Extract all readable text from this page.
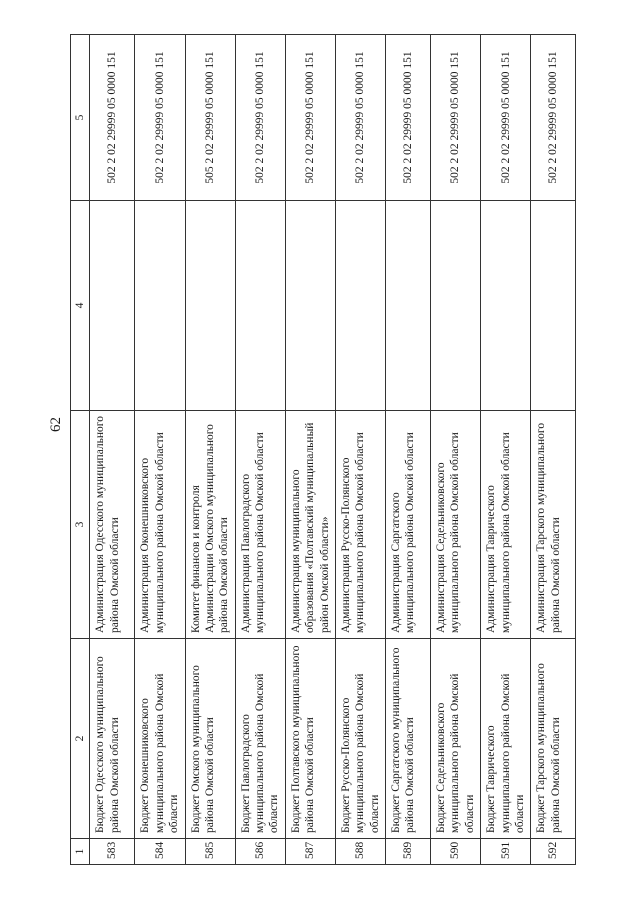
62
1	2	3	4	5
583	Бюджет Одесского муниципального района Омской области	Администрация Одесского муниципального района Омской области		502 2 02 29999 05 0000 151
584	Бюджет Оконешниковского муниципального района Омской области	Администрация Оконешниковского муниципального района Омской области		502 2 02 29999 05 0000 151
585	Бюджет Омского муниципального района Омской области	Комитет финансов и контроля Администрации Омского муниципального района Омской области		505 2 02 29999 05 0000 151
586	Бюджет Павлоградского муниципального района Омской области	Администрация Павлоградского муниципального района Омской области		502 2 02 29999 05 0000 151
587	Бюджет Полтавского муниципального района Омской области	Администрация муниципального образования «Полтавский муниципальный район Омской области»		502 2 02 29999 05 0000 151
588	Бюджет Русско-Полянского муниципального района Омской области	Администрация Русско-Полянского муниципального района Омской области		502 2 02 29999 05 0000 151
589	Бюджет Саргатского муниципального района Омской области	Администрация Саргатского муниципального района Омской области		502 2 02 29999 05 0000 151
590	Бюджет Седельниковского муниципального района Омской области	Администрация Седельниковского муниципального района Омской области		502 2 02 29999 05 0000 151
591	Бюджет Таврического муниципального района Омской области	Администрация Таврического муниципального района Омской области		502 2 02 29999 05 0000 151
592	Бюджет Тарского муниципального района Омской области	Администрация Тарского муниципального района Омской области		502 2 02 29999 05 0000 151
